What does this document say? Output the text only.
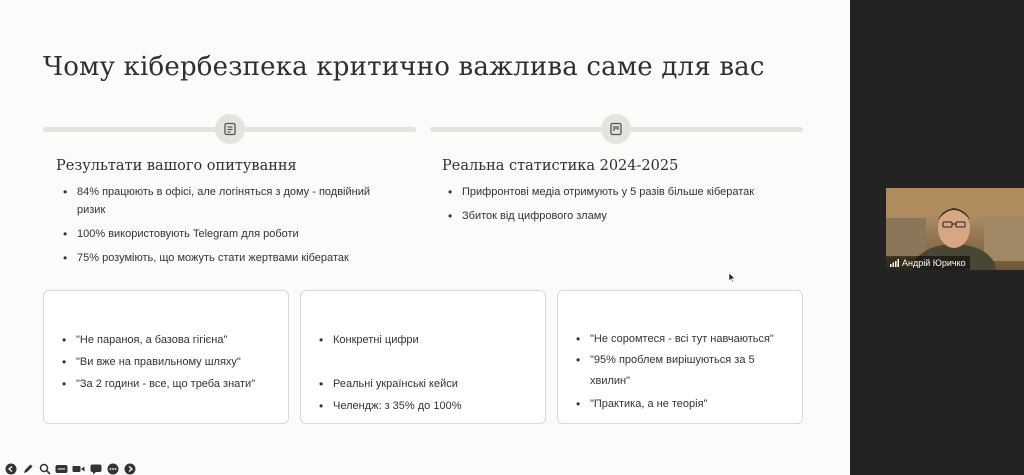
Чому кібербезпека критично важлива саме для вас
Результати вашого опитування
• 84% працюють в офісі, але логіняться з дому - подвійний ризик
• 100% використовують Telegram для роботи
• 75% розуміють, що можуть стати жертвами кібератак
Реальна статистика 2024-2025
• Прифронтові медіа отримують у 5 разів більше кібератак
• Збиток від цифрового зламу
• "Не параноя, а базова гігієна"
• "Ви вже на правильному шляху"
• "За 2 години - все, що треба знати"
• Конкретні цифри
• Реальні українські кейси
• Челендж: з 35% до 100%
• "Не соромтеся - всі тут навчаються"
• "95% проблем вирішуються за 5 хвилин"
• "Практика, а не теорія"
Андрій Юричко
